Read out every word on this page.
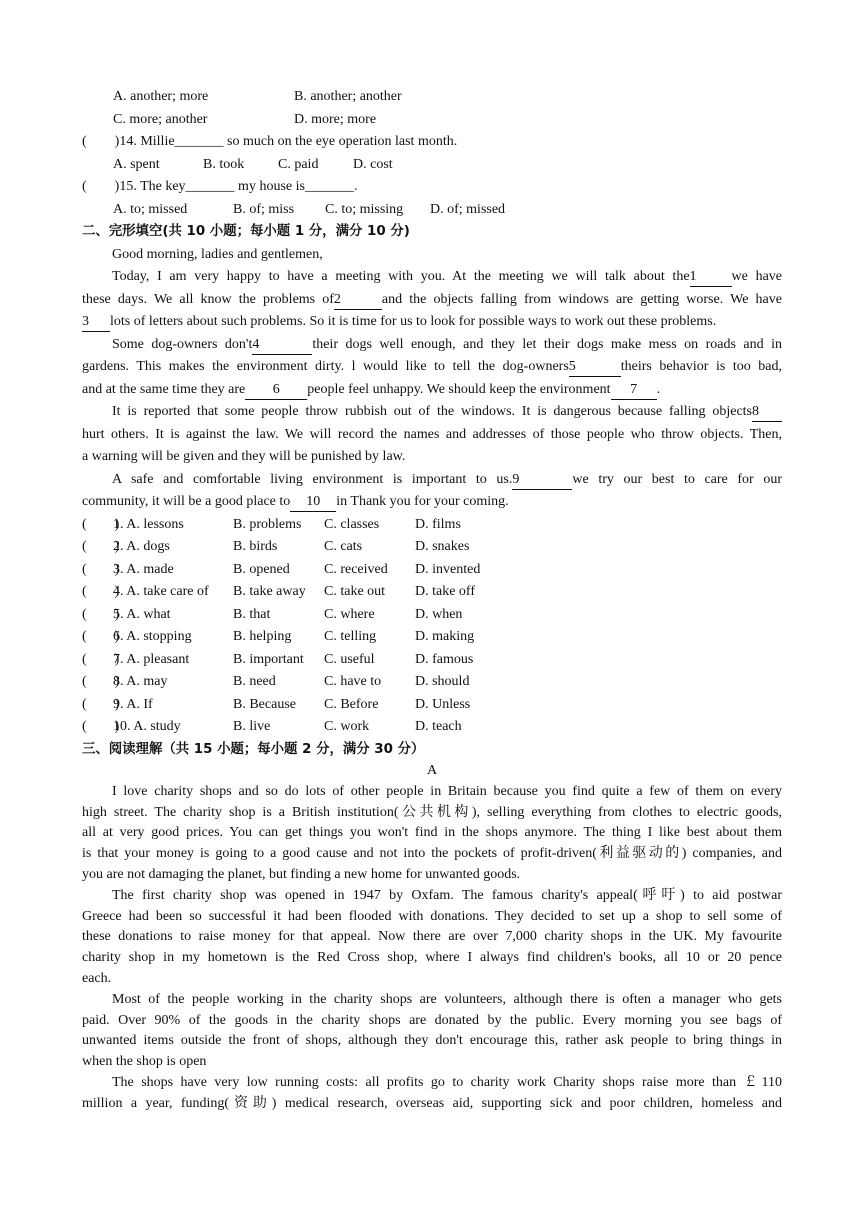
A. another; more	B. another; another
C. more; another	D. more; more
(        )14. Millie_______ so much on the eye operation last month.
A. spent	B. took C. paid D. cost
(        )15. The key_______ my house is_______.
A. to; missed	B. of; miss C. to; missing D. of; missed
二、完形填空(共 10 小题；每小题 1 分，满分 10 分)
Good morning, ladies and gentlemen,
Today, I am very happy to have a meeting with you. At the meeting we will talk about the1	we have
these days. We all know the problems of2	and the objects falling from windows are getting worse. We have
3 lots of letters about such problems. So it is time for us to look for possible ways to work out these problems.
Some dog-owners don't4	their dogs well enough, and they let their dogs make mess on roads and in
gardens. This makes the environment dirty. l would like to tell the dog-owners5	theirs behavior is too bad,
and at the same time they are 6 people feel unhappy. We should keep the environment 7 .
It is reported that some people throw rubbish out of the windows. It is dangerous because falling objects8
hurt others. It is against the law. We will record the names and addresses of those people who throw objects. Then,
a warning will be given and they will be punished by law.
A safe and comfortable living environment is important to us.9	we try our best to care for our
community, it will be a good place to 10 in Thank you for your coming.
(        )
1. A. lessons	B. problems C. classes	D. films
(        )
2. A. dogs	B. birds	C. cats	D. snakes
(        )
3. A. made	B. opened C. received D. invented
(        )
4. A. take care of B. take away C. take out D. take off
(        )
5. A. what	B. that	C. where	D. when
(        )
6. A. stopping	B. helping C. telling	D. making
(        )
7. A. pleasant	B. important C. useful	D. famous
(        )
8. A. may	B. need	C. have to D. should
(        )
9. A. If	B. Because C. Before	D. Unless
(        )
10. A. study	B. live	C. work	D. teach
三、阅读理解（共 15 小题；每小题 2 分，满分 30 分）
A
I love charity shops and so do lots of other people in Britain because you find quite a few of them on every
high street. The charity shop is a British institution(公共机构), selling everything from clothes to electric goods,
all at very good prices. You can get things you won't find in the shops anymore. The thing I like best about them
is that your money is going to a good cause and not into the pockets of profit-driven(利益驱动的) companies, and
you are not damaging the planet, but finding a new home for unwanted goods.
The first charity shop was opened in 1947 by Oxfam. The famous charity's appeal(呼吁) to aid postwar
Greece had been so successful it had been flooded with donations. They decided to set up a shop to sell some of
these donations to raise money for that appeal. Now there are over 7,000 charity shops in the UK. My favourite
charity shop in my hometown is the Red Cross shop, where I always find children's books, all 10 or 20 pence
each.
Most of the people working in the charity shops are volunteers, although there is often a manager who gets
paid. Over 90% of the goods in the charity shops are donated by the public. Every morning you see bags of
unwanted items outside the front of shops, although they don't encourage this, rather ask people to bring things in
when the shop is open
The shops have very low running costs: all profits go to charity work Charity shops raise more than ￡110
million a year, funding(资助) medical research, overseas aid, supporting sick and poor children, homeless and
